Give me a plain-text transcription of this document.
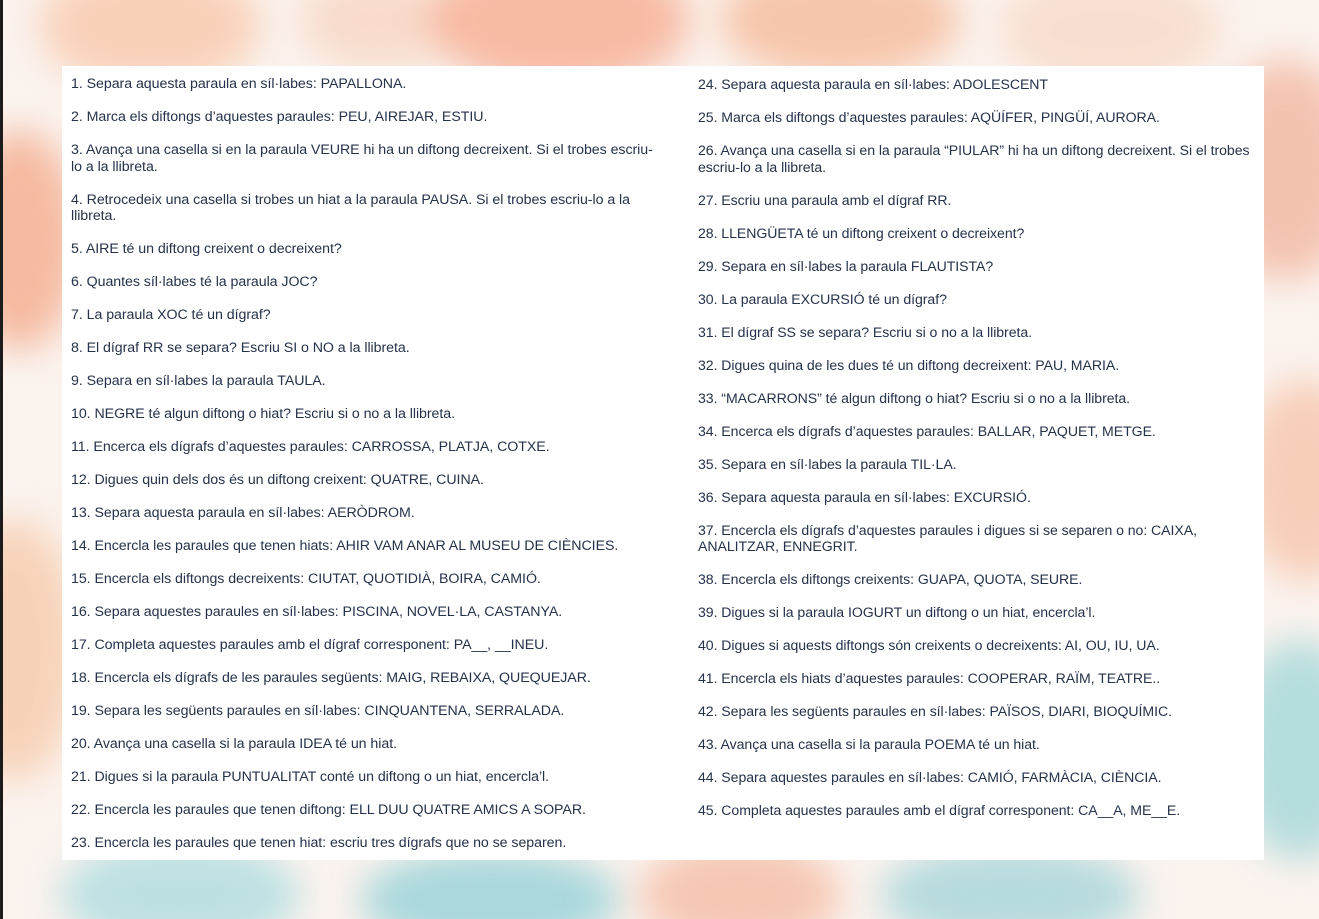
1. Separa aquesta paraula en síl·labes: PAPALLONA.
2. Marca els diftongs d’aquestes paraules: PEU, AIREJAR, ESTIU.
3. Avança una casella si en la paraula VEURE hi ha un diftong decreixent. Si el trobes escriu-lo a la llibreta.
4. Retrocedeix una casella si trobes un hiat a la paraula PAUSA. Si el trobes escriu-lo a la llibreta.
5. AIRE té un diftong creixent o decreixent?
6. Quantes síl·labes té la paraula JOC?
7. La paraula XOC té un dígraf?
8. El dígraf RR se separa? Escriu SI o NO a la llibreta.
9. Separa en síl·labes la paraula TAULA.
10. NEGRE té algun diftong o hiat? Escriu si o no a la llibreta.
11. Encerca els dígrafs d’aquestes paraules: CARROSSA, PLATJA, COTXE.
12. Digues quin dels dos és un diftong creixent: QUATRE, CUINA.
13. Separa aquesta paraula en síl·labes: AERÒDROM.
14. Encercla les paraules que tenen hiats: AHIR VAM ANAR AL MUSEU DE CIÈNCIES.
15. Encercla els diftongs decreixents: CIUTAT, QUOTIDIÀ, BOIRA, CAMIÓ.
16. Separa aquestes paraules en síl·labes: PISCINA, NOVEL·LA, CASTANYA.
17. Completa aquestes paraules amb el dígraf corresponent: PA__, __INEU.
18. Encercla els dígrafs de les paraules següents: MAIG, REBAIXA, QUEQUEJAR.
19. Separa les següents paraules en síl·labes: CINQUANTENA, SERRALADA.
20. Avança una casella si la paraula IDEA té un hiat.
21. Digues si la paraula PUNTUALITAT conté un diftong o un hiat, encercla’l.
22. Encercla les paraules que tenen diftong: ELL DUU QUATRE AMICS A SOPAR.
23. Encercla les paraules que tenen hiat: escriu tres dígrafs que no se separen.
24. Separa aquesta paraula en síl·labes: ADOLESCENT
25. Marca els diftongs d’aquestes paraules: AQÜÍFER, PINGÜÍ, AURORA.
26. Avança una casella si en la paraula “PIULAR” hi ha un diftong decreixent. Si el trobes escriu-lo a la llibreta.
27. Escriu una paraula amb el dígraf RR.
28. LLENGÜETA té un diftong creixent o decreixent?
29. Separa en síl·labes la paraula FLAUTISTA?
30. La paraula EXCURSIÓ té un dígraf?
31. El dígraf SS se separa? Escriu si o no a la llibreta.
32. Digues quina de les dues té un diftong decreixent: PAU, MARIA.
33. “MACARRONS” té algun diftong o hiat? Escriu si o no a la llibreta.
34. Encerca els dígrafs d’aquestes paraules: BALLAR, PAQUET, METGE.
35. Separa en síl·labes la paraula TIL·LA.
36. Separa aquesta paraula en síl·labes: EXCURSIÓ.
37. Encercla els dígrafs d’aquestes paraules i digues si se separen o no: CAIXA, ANALITZAR, ENNEGRIT.
38. Encercla els diftongs creixents: GUAPA, QUOTA, SEURE.
39. Digues si la paraula IOGURT un diftong o un hiat, encercla’l.
40. Digues si aquests diftongs són creixents o decreixents: AI, OU, IU, UA.
41. Encercla els hiats d’aquestes paraules: COOPERAR, RAÏM, TEATRE..
42. Separa les següents paraules en síl·labes: PAÏSOS, DIARI, BIOQUÍMIC.
43. Avança una casella si la paraula POEMA té un hiat.
44. Separa aquestes paraules en síl·labes: CAMIÓ, FARMÀCIA, CIÈNCIA.
45. Completa aquestes paraules amb el dígraf corresponent: CA__A, ME__E.
